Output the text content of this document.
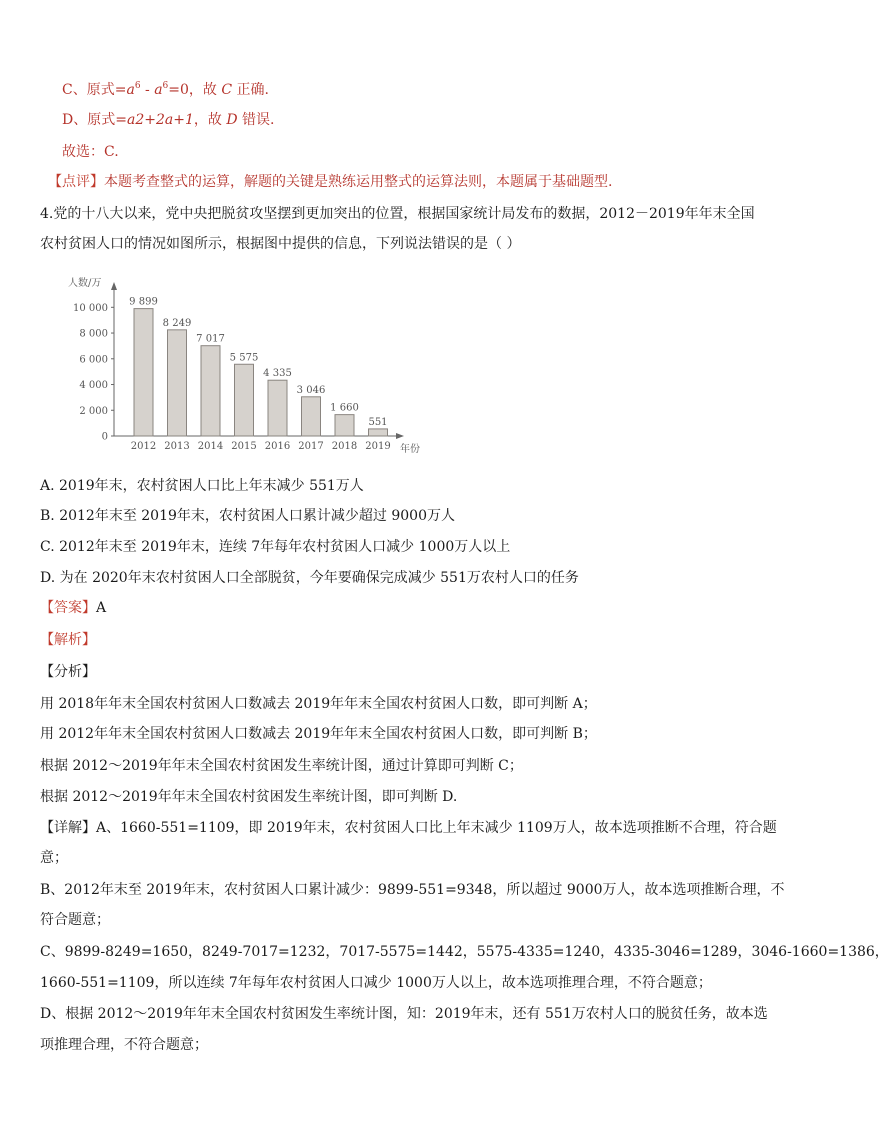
C、原式$=a^6 - a^6=0$，故 C 正确.
D、原式=a2+2a+1，故 D 错误.
故选：C.
【点评】本题考查整式的运算，解题的关键是熟练运用整式的运算法则，本题属于基础题型.
4.党的十八大以来，党中央把脱贫攻坚摆到更加突出的位置，根据国家统计局发布的数据，2012－2019年年末全国
农村贫困人口的情况如图所示，根据图中提供的信息，下列说法错误的是（ ）
人数/万
年份
0
2 000
4 000
6 000
8 000
10 000
9 899
2012
8 249
2013
7 017
2014
5 575
2015
4 335
2016
3 046
2017
1 660
2018
551
2019
A. 2019年末，农村贫困人口比上年末减少 551万人
B. 2012年末至 2019年末，农村贫困人口累计减少超过 9000万人
C. 2012年末至 2019年末，连续 7年每年农村贫困人口减少 1000万人以上
D. 为在 2020年末农村贫困人口全部脱贫，今年要确保完成减少 551万农村人口的任务
【答案】A
【解析】
【分析】
用 2018年年末全国农村贫困人口数减去 2019年年末全国农村贫困人口数，即可判断 A；
用 2012年年末全国农村贫困人口数减去 2019年年末全国农村贫困人口数，即可判断 B；
根据 2012～2019年年末全国农村贫困发生率统计图，通过计算即可判断 C；
根据 2012～2019年年末全国农村贫困发生率统计图，即可判断 D.
【详解】A、1660-551=1109，即 2019年末，农村贫困人口比上年末减少 1109万人，故本选项推断不合理，符合题
意；
B、2012年末至 2019年末，农村贫困人口累计减少：9899-551=9348，所以超过 9000万人，故本选项推断合理，不
符合题意；
C、9899-8249=1650，8249-7017=1232，7017-5575=1442，5575-4335=1240，4335-3046=1289，3046-1660=1386，
1660-551=1109，所以连续 7年每年农村贫困人口减少 1000万人以上，故本选项推理合理，不符合题意；
D、根据 2012～2019年年末全国农村贫困发生率统计图，知：2019年末，还有 551万农村人口的脱贫任务，故本选
项推理合理，不符合题意；
